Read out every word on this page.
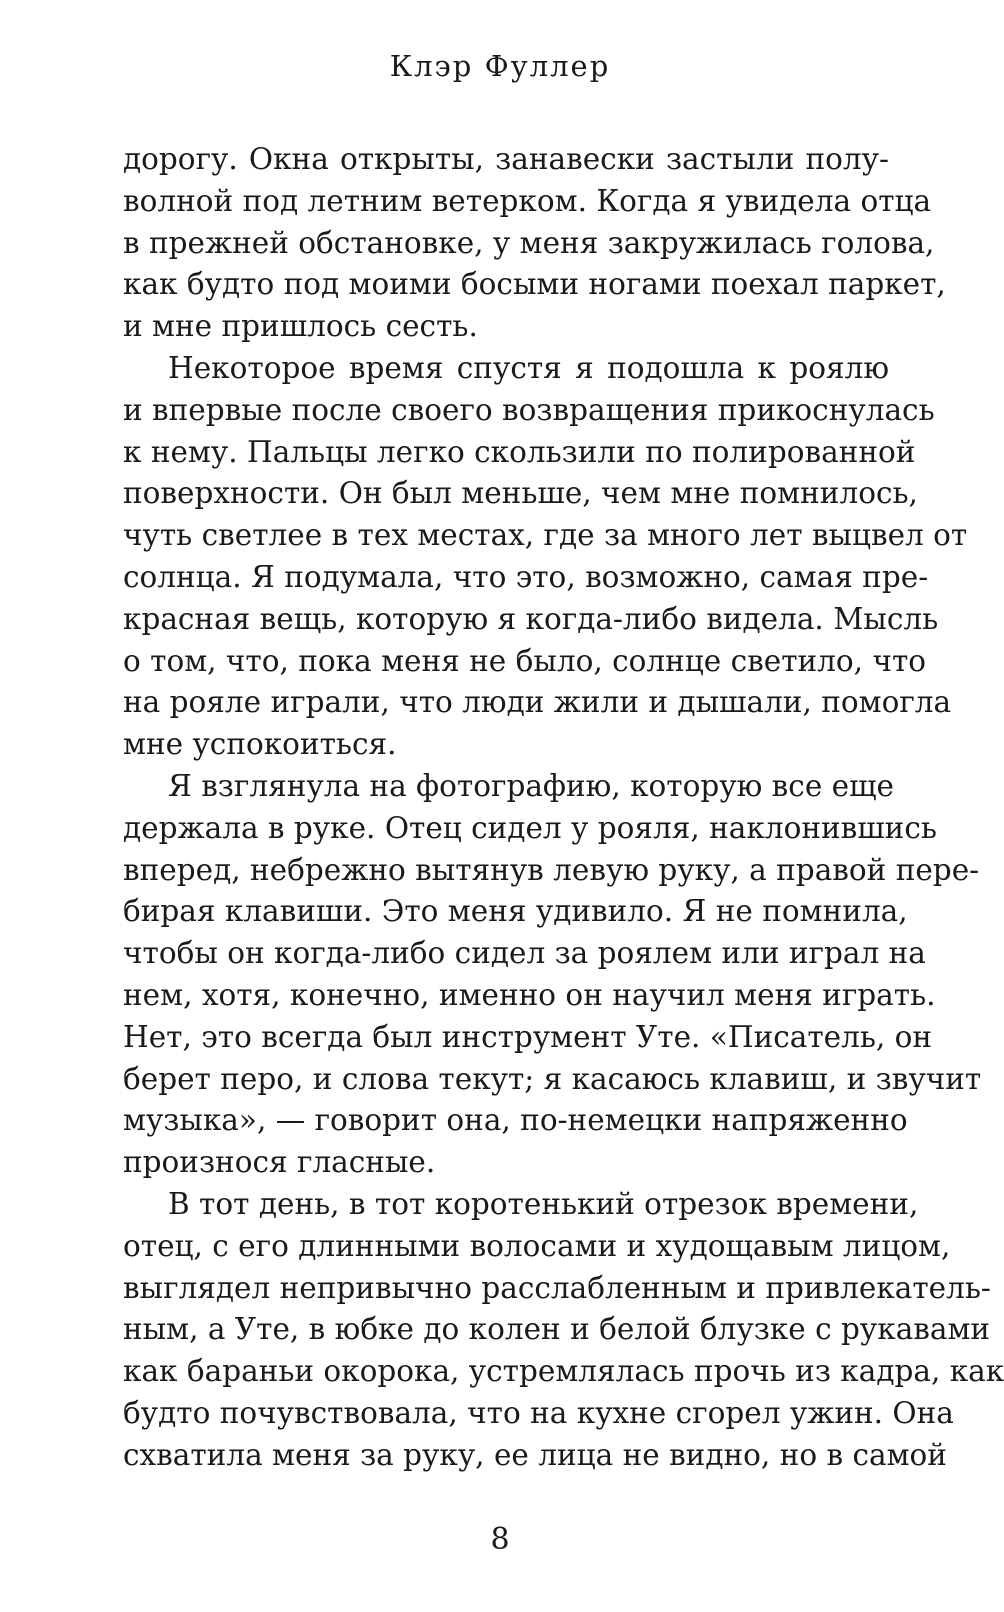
Клэр Фуллер
дорогу. Окна открыты, занавески застыли полу-
волной под летним ветерком. Когда я увидела отца
в прежней обстановке, у меня закружилась голова,
как будто под моими босыми ногами поехал паркет,
и мне пришлось сесть.
Некоторое время спустя я подошла к роялю
и впервые после своего возвращения прикоснулась
к нему. Пальцы легко скользили по полированной
поверхности. Он был меньше, чем мне помнилось,
чуть светлее в тех местах, где за много лет выцвел от
солнца. Я подумала, что это, возможно, самая пре-
красная вещь, которую я когда-либо видела. Мысль
о том, что, пока меня не было, солнце светило, что
на рояле играли, что люди жили и дышали, помогла
мне успокоиться.
Я взглянула на фотографию, которую все еще
держала в руке. Отец сидел у рояля, наклонившись
вперед, небрежно вытянув левую руку, а правой пере-
бирая клавиши. Это меня удивило. Я не помнила,
чтобы он когда-либо сидел за роялем или играл на
нем, хотя, конечно, именно он научил меня играть.
Нет, это всегда был инструмент Уте. «Писатель, он
берет перо, и слова текут; я касаюсь клавиш, и звучит
музыка», — говорит она, по-немецки напряженно
произнося гласные.
В тот день, в тот коротенький отрезок времени,
отец, с его длинными волосами и худощавым лицом,
выглядел непривычно расслабленным и привлекатель-
ным, а Уте, в юбке до колен и белой блузке с рукавами
как бараньи окорока, устремлялась прочь из кадра, как
будто почувствовала, что на кухне сгорел ужин. Она
схватила меня за руку, ее лица не видно, но в самой
8
